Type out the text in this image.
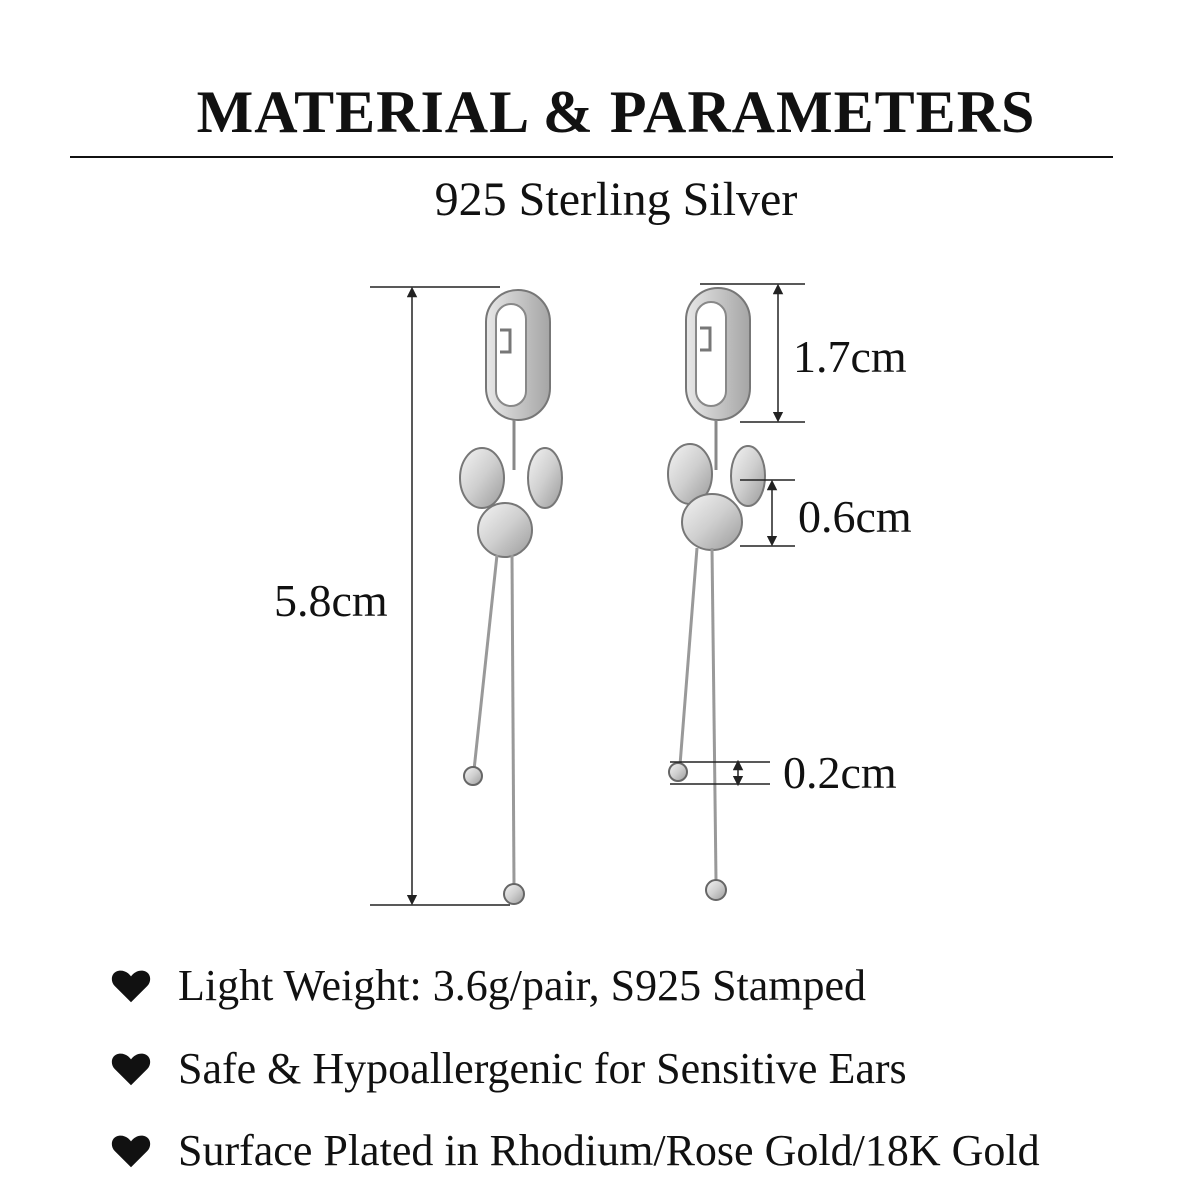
MATERIAL & PARAMETERS
925 Sterling Silver
5.8cm
1.7cm
0.6cm
0.2cm
Light Weight: 3.6g/pair, S925 Stamped
Safe & Hypoallergenic for Sensitive Ears
Surface Plated in Rhodium/Rose Gold/18K Gold
